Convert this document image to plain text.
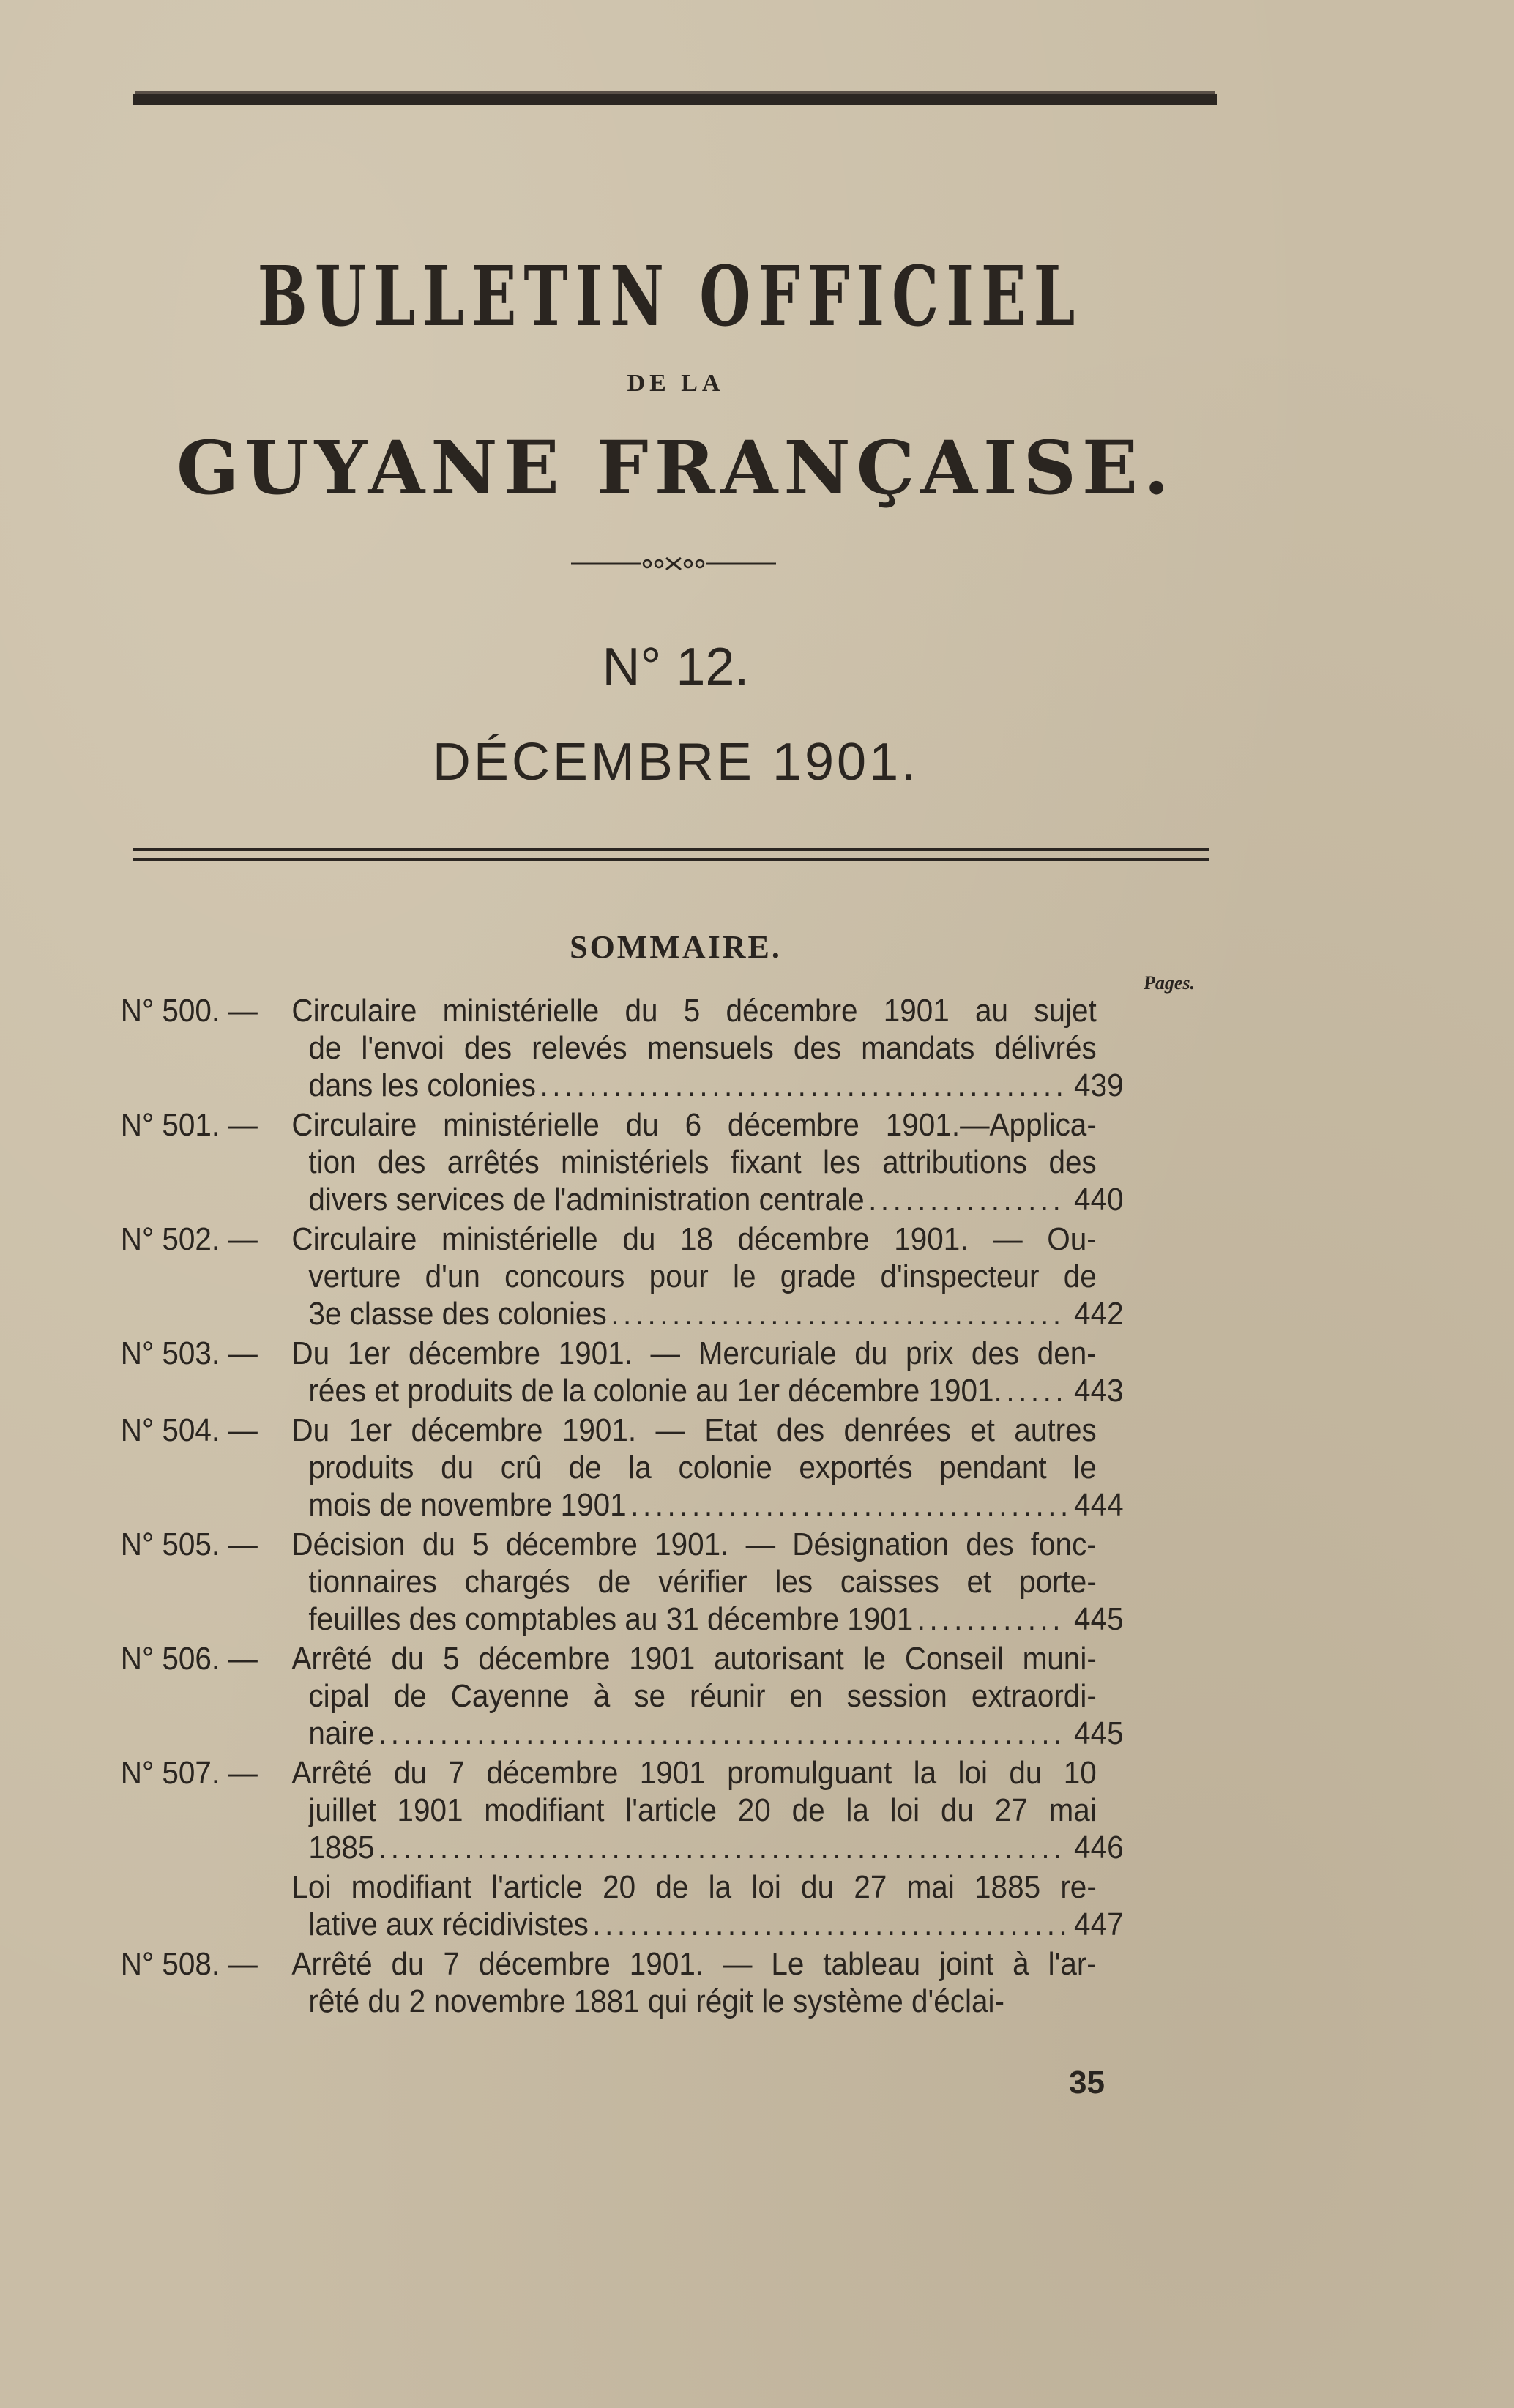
BULLETIN OFFICIEL
DE LA
GUYANE FRANÇAISE.
N° 12.
DÉCEMBRE 1901.
SOMMAIRE.
Pages.
N° 500. —	Circulaire ministérielle du 5 décembre 1901 au sujet
de l'envoi des relevés mensuels des mandats délivrés
dans les colonies .....	439
N° 501. —	Circulaire ministérielle du 6 décembre 1901.—Applica-
tion des arrêtés ministériels fixant les attributions des
divers services de l'administration centrale .....	440
N° 502. —	Circulaire ministérielle du 18 décembre 1901. — Ou-
verture d'un concours pour le grade d'inspecteur de
3e classe des colonies .....	442
N° 503. —	Du 1er décembre 1901. — Mercuriale du prix des den-
rées et produits de la colonie au 1er décembre 1901. ..... 443
N° 504. —	Du 1er décembre 1901. — Etat des denrées et autres
produits du crû de la colonie exportés pendant le
mois de novembre 1901 .....	444
N° 505. —	Décision du 5 décembre 1901. — Désignation des fonc-
tionnaires chargés de vérifier les caisses et porte-
feuilles des comptables au 31 décembre 1901 .....	445
N° 506. —	Arrêté du 5 décembre 1901 autorisant le Conseil muni-
cipal de Cayenne à se réunir en session extraordi-
naire .....	445
N° 507. —	Arrêté du 7 décembre 1901 promulguant la loi du 10
juillet 1901 modifiant l'article 20 de la loi du 27 mai
1885 .....	446
Loi modifiant l'article 20 de la loi du 27 mai 1885 re-
lative aux récidivistes .....	447
N° 508. —	Arrêté du 7 décembre 1901. — Le tableau joint à l'ar-
rêté du 2 novembre 1881 qui régit le système d'éclai-
35
